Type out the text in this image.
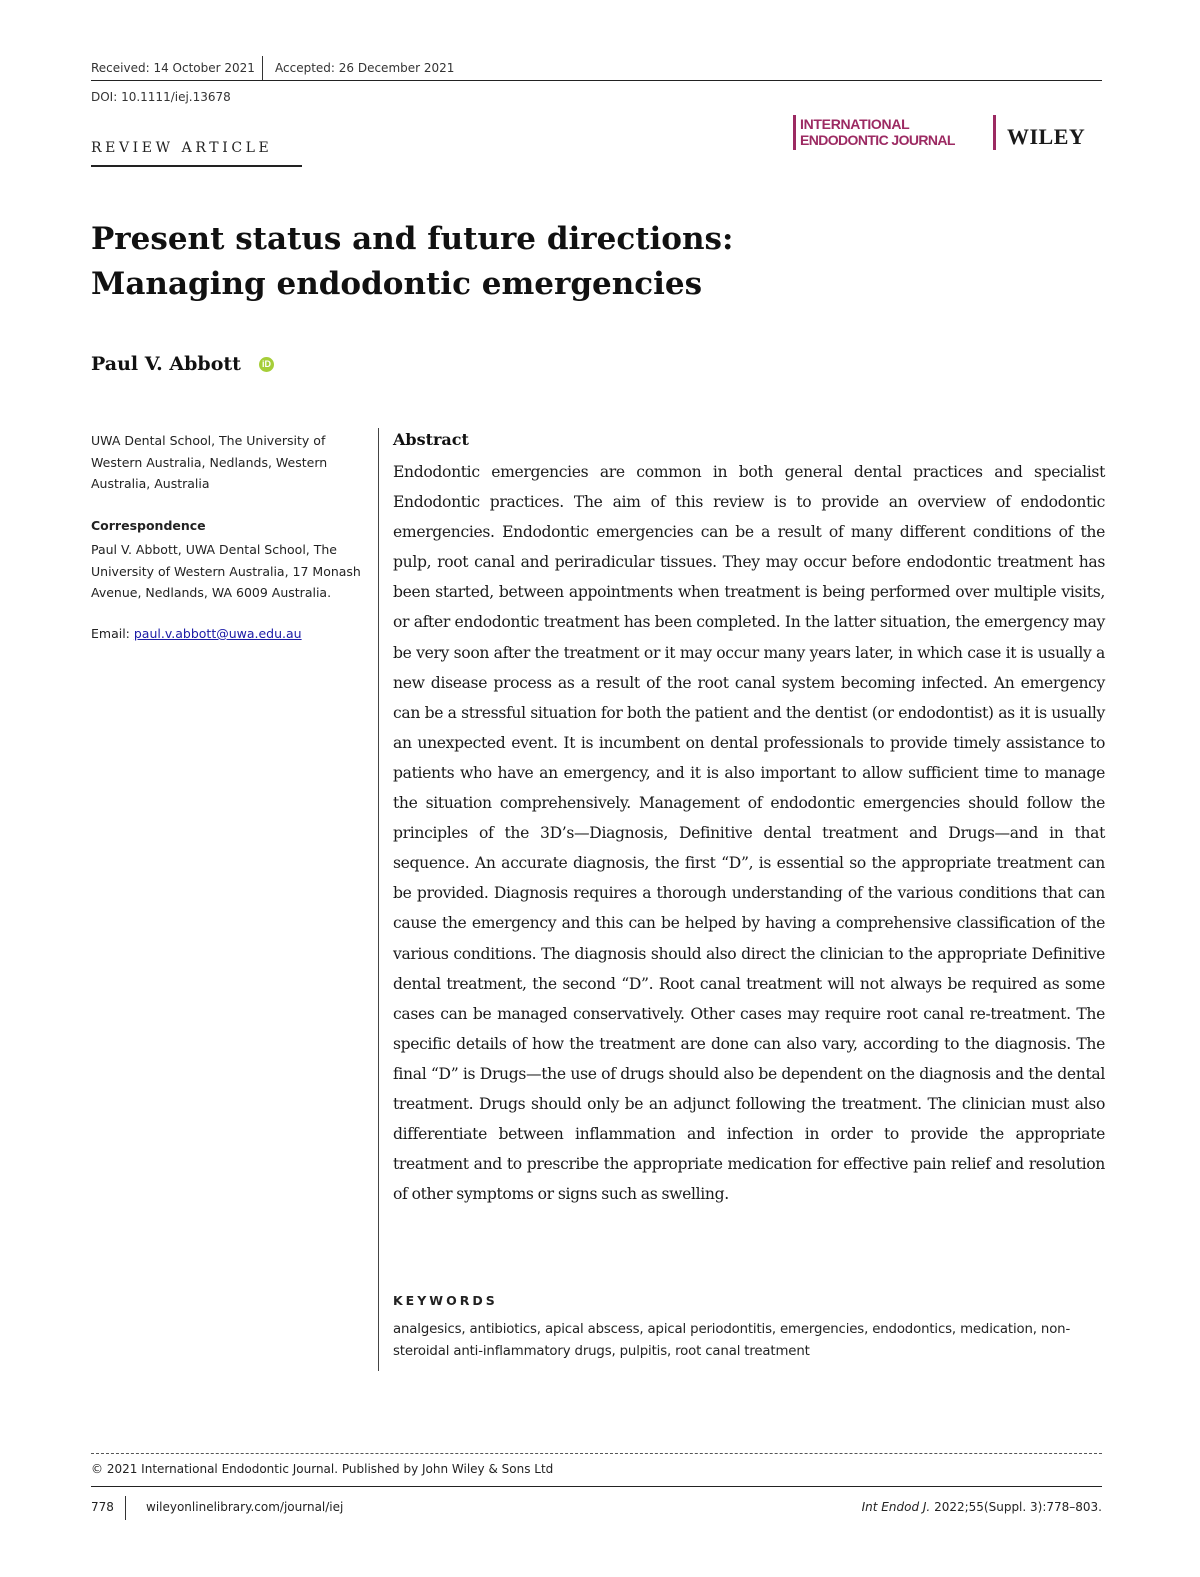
Received: 14 October 2021 Accepted: 26 December 2021
DOI: 10.1111/iej.13678
REVIEW ARTICLE
INTERNATIONAL
ENDODONTIC JOURNAL WILEY
Present status and future directions:
Managing endodontic emergencies
Paul V. Abbott	iD
UWA Dental School, The University of Western Australia, Nedlands, Western Australia, Australia
Correspondence
Paul V. Abbott, UWA Dental School, The University of Western Australia, 17 Monash Avenue, Nedlands, WA 6009 Australia.
Email: paul.v.abbott@uwa.edu.au
Abstract
Endodontic emergencies are common in both general dental practices and specialist Endodontic practices. The aim of this review is to provide an overview of endodontic emergencies. Endodontic emergencies can be a result of many different conditions of the pulp, root canal and periradicular tissues. They may occur before endodontic treatment has been started, between appointments when treatment is being performed over multiple visits, or after endodontic treatment has been completed. In the latter situation, the emergency may be very soon after the treatment or it may occur many years later, in which case it is usually a new disease process as a result of the root canal system becoming infected. An emergency can be a stressful situation for both the patient and the dentist (or endodontist) as it is usually an unexpected event. It is incumbent on dental professionals to provide timely assistance to patients who have an emergency, and it is also important to allow sufficient time to manage the situation comprehensively. Management of endodontic emergencies should follow the principles of the 3D’s—Diagnosis, Definitive dental treatment and Drugs—and in that sequence. An accurate diagnosis, the first “D”, is essential so the appropriate treatment can be provided. Diagnosis requires a thorough understanding of the various conditions that can cause the emergency and this can be helped by having a comprehensive classification of the various conditions. The diagnosis should also direct the clinician to the appropriate Definitive dental treatment, the second “D”. Root canal treatment will not always be required as some cases can be managed conservatively. Other cases may require root canal re-treatment. The specific details of how the treatment are done can also vary, according to the diagnosis. The final “D” is Drugs—the use of drugs should also be dependent on the diagnosis and the dental treatment. Drugs should only be an adjunct following the treatment. The clinician must also differentiate between inflammation and infection in order to provide the appropriate treatment and to prescribe the appropriate medication for effective pain relief and resolution of other symptoms or signs such as swelling.
KEYWORDS
analgesics, antibiotics, apical abscess, apical periodontitis, emergencies, endodontics, medication, non-steroidal anti-inflammatory drugs, pulpitis, root canal treatment
© 2021 International Endodontic Journal. Published by John Wiley & Sons Ltd
778	wileyonlinelibrary.com/journal/iej	Int Endod J. 2022;55(Suppl. 3):778–803.
